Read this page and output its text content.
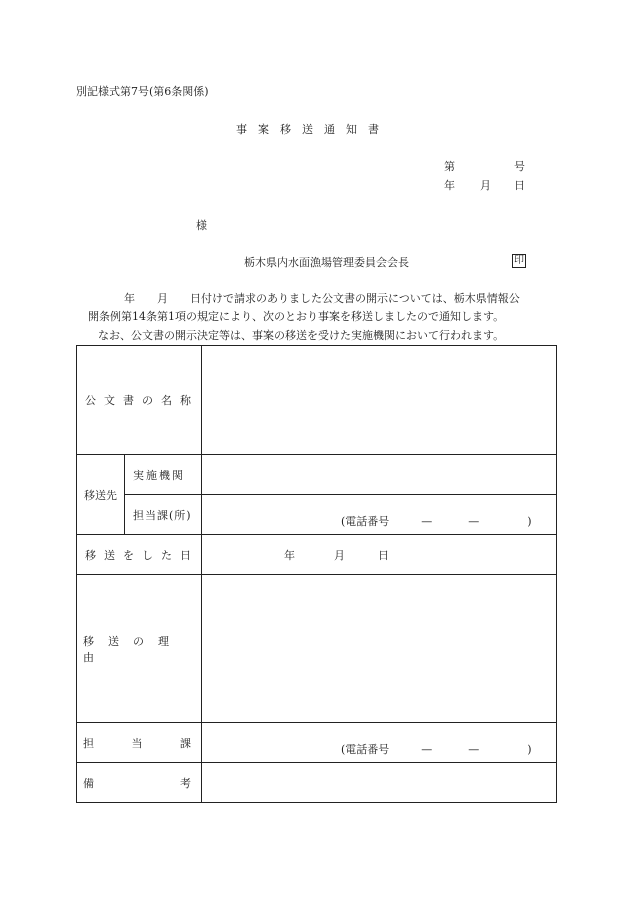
別記様式第7号(第6条関係)
事案移送通知書
第	号
年 月 日
様
栃木県内水面漁場管理委員会会長	印
年　　月　　日付けで請求のありました公文書の開示については、栃木県情報公
開条例第14条第1項の規定により、次のとおり事案を移送しましたので通知します。
なお、公文書の開示決定等は、事案の移送を受けた実施機関において行われます。
公文書の名称		
移送先	実施機関	
	担当課(所)	(電話番号 — — )

移送をした日		年 月 日

移送の理由		

担 当 課		(電話番号 — — )

備 考		
